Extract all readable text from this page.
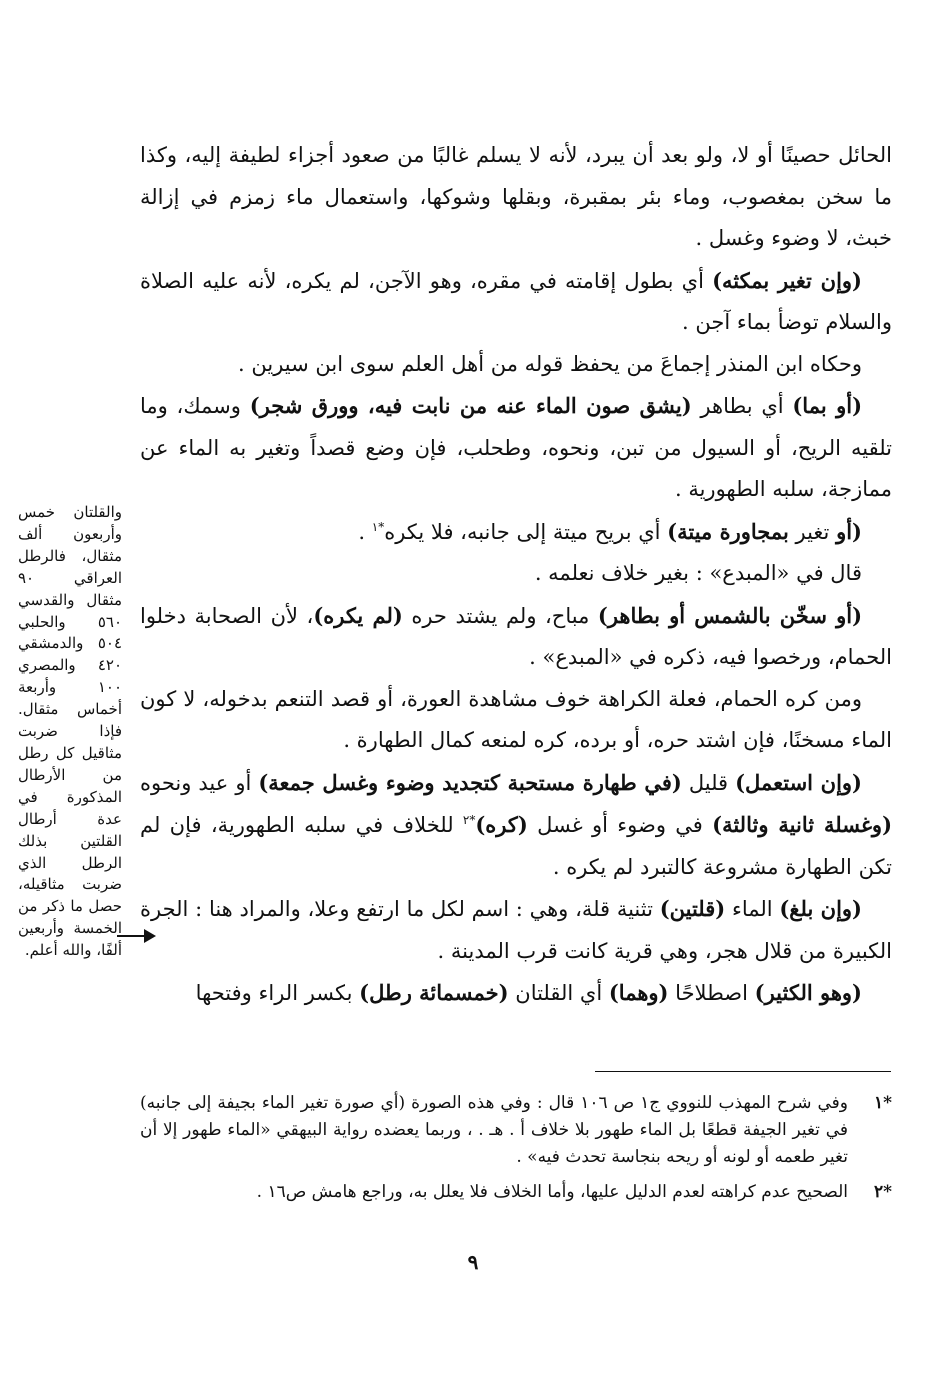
الحائل حصينًا أو لا، ولو بعد أن يبرد، لأنه لا يسلم غالبًا من صعود أجزاء لطيفة إليه، وكذا ما سخن بمغصوب، وماء بئر بمقبرة، وبقلها وشوكها، واستعمال ماء زمزم في إزالة خبث، لا وضوء وغسل .

(وإن تغير بمكثه) أي بطول إقامته في مقره، وهو الآجن، لم يكره، لأنه عليه الصلاة والسلام توضأ بماء آجن .

وحكاه ابن المنذر إجماعَ من يحفظ قوله من أهل العلم سوى ابن سيرين .

(أو بما) أي بطاهر (يشق صون الماء عنه من نابت فيه، وورق شجر) وسمك، وما تلقيه الريح، أو السيول من تبن، ونحوه، وطحلب، فإن وضع قصداً وتغير به الماء عن ممازجة، سلبه الطهورية .

(أو تغير بمجاورة ميتة) أي بريح ميتة إلى جانبه، فلا يكره$^{*١}$ .

قال في «المبدع» : بغير خلاف نعلمه .

(أو سخّن بالشمس أو بطاهر) مباح، ولم يشتد حره (لم يكره)، لأن الصحابة دخلوا الحمام، ورخصوا فيه، ذكره في «المبدع» .

ومن كره الحمام، فعلة الكراهة خوف مشاهدة العورة، أو قصد التنعم بدخوله، لا كون الماء مسخنًا، فإن اشتد حره، أو برده، كره لمنعه كمال الطهارة .

(وإن استعمل) قليل (في طهارة مستحبة كتجديد وضوء وغسل جمعة) أو عيد ونحوه (وغسلة ثانية وثالثة) في وضوء أو غسل (كره)$^{*٢}$ للخلاف في سلبه الطهورية، فإن لم تكن الطهارة مشروعة كالتبرد لم يكره .

(وإن بلغ) الماء (قلتين) تثنية قلة، وهي : اسم لكل ما ارتفع وعلا، والمراد هنا : الجرة الكبيرة من قلال هجر، وهي قرية كانت قرب المدينة .

(وهو الكثير) اصطلاحًا (وهما) أي القلتان (خمسمائة رطل) بكسر الراء وفتحها

والقلتان خمس وأربعون ألف مثقال، فالرطل العراقي ٩٠ مثقال والقدسي ٥٦٠ والحلبي ٥٠٤ والدمشقي ٤٢٠ والمصري ١٠٠ وأربعة أخماس مثقال. فإذا ضربت مثاقيل كل رطل من الأرطال المذكورة في عدة أرطال القلتين بذلك الرطل الذي ضربت مثاقيله، حصل ما ذكر من الخمسة وأربعين ألفًا، والله أعلم.
*١
وفي شرح المهذب للنووي ج١ ص ١٠٦ قال : وفي هذه الصورة (أي صورة تغير الماء بجيفة إلى جانبه) في تغير الجيفة قطعًا بل الماء طهور بلا خلاف أ . هـ . ، وربما يعضده رواية البيهقي «الماء طهور إلا أن تغير طعمه أو لونه أو ريحه بنجاسة تحدث فيه» .
*٢
الصحيح عدم كراهته لعدم الدليل عليها، وأما الخلاف فلا يعلل به، وراجع هامش ص١٦ .
٩
